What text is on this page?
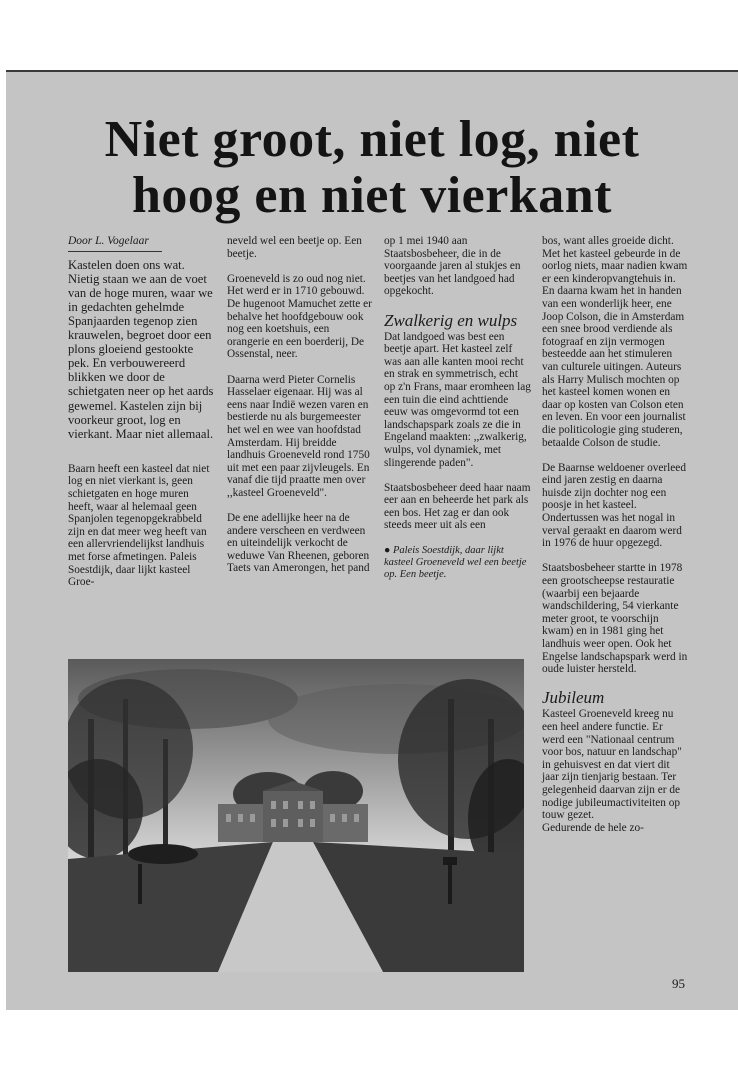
Niet groot, niet log, niet
hoog en niet vierkant
Door L. Vogelaar

Kastelen doen ons wat. Nietig staan we aan de voet van de hoge muren, waar we in gedachten gehelmde Spanjaarden tegenop zien krauwelen, begroet door een plons gloeiend gestookte pek. En verbouwereerd blikken we door de schietgaten neer op het aards gewemel. Kastelen zijn bij voorkeur groot, log en vierkant. Maar niet allemaal.

Baarn heeft een kasteel dat niet log en niet vierkant is, geen schietgaten en hoge muren heeft, waar al helemaal geen Spanjolen tegenopgekrabbeld zijn en dat meer weg heeft van een allervriendelijkst landhuis met forse afmetingen. Paleis Soestdijk, daar lijkt kasteel Groe-

neveld wel een beetje op. Een beetje.

Groeneveld is zo oud nog niet. Het werd er in 1710 gebouwd. De hugenoot Mamuchet zette er behalve het hoofdgebouw ook nog een koetshuis, een orangerie en een boerderij, De Ossenstal, neer.

Daarna werd Pieter Cornelis Hasselaer eigenaar. Hij was al eens naar Indië wezen varen en bestierde nu als burgemeester het wel en wee van hoofdstad Amsterdam. Hij breidde landhuis Groeneveld rond 1750 uit met een paar zijvleugels. En vanaf die tijd praatte men over ,,kasteel Groeneveld".

De ene adellijke heer na de andere verscheen en verdween en uiteindelijk verkocht de weduwe Van Rheenen, geboren Taets van Amerongen, het pand

op 1 mei 1940 aan Staatsbosbeheer, die in de voorgaande jaren al stukjes en beetjes van het landgoed had opgekocht.

Zwalkerig en wulps

Dat landgoed was best een beetje apart. Het kasteel zelf was aan alle kanten mooi recht en strak en symmetrisch, echt op z'n Frans, maar eromheen lag een tuin die eind achttiende eeuw was omgevormd tot een landschapspark zoals ze die in Engeland maakten: ,,zwalkerig, wulps, vol dynamiek, met slingerende paden".

Staatsbosbeheer deed haar naam eer aan en beheerde het park als een bos. Het zag er dan ook steeds meer uit als een

● Paleis Soestdijk, daar lijkt kasteel Groeneveld wel een beetje op. Een beetje.

bos, want alles groeide dicht.

Met het kasteel gebeurde in de oorlog niets, maar nadien kwam er een kinderopvangtehuis in. En daarna kwam het in handen van een wonderlijk heer, ene Joop Colson, die in Amsterdam een snee brood verdiende als fotograaf en zijn vermogen besteedde aan het stimuleren van culturele uitingen. Auteurs als Harry Mulisch mochten op het kasteel komen wonen en daar op kosten van Colson eten en leven. En voor een journalist die politicologie ging studeren, betaalde Colson de studie.

De Baarnse weldoener overleed eind jaren zestig en daarna huisde zijn dochter nog een poosje in het kasteel. Ondertussen was het nogal in verval geraakt en daarom werd in 1976 de huur opgezegd.

Staatsbosbeheer startte in 1978 een grootscheepse restauratie (waarbij een bejaarde wandschildering, 54 vierkante meter groot, te voorschijn kwam) en in 1981 ging het landhuis weer open. Ook het Engelse landschapspark werd in oude luister hersteld.

Jubileum

Kasteel Groeneveld kreeg nu een heel andere functie. Er werd een "Nationaal centrum voor bos, natuur en landschap" in gehuisvest en dat viert dit jaar zijn tienjarig bestaan. Ter gelegenheid daarvan zijn er de nodige jubileumactiviteiten op touw gezet.

Gedurende de hele zo-

95
